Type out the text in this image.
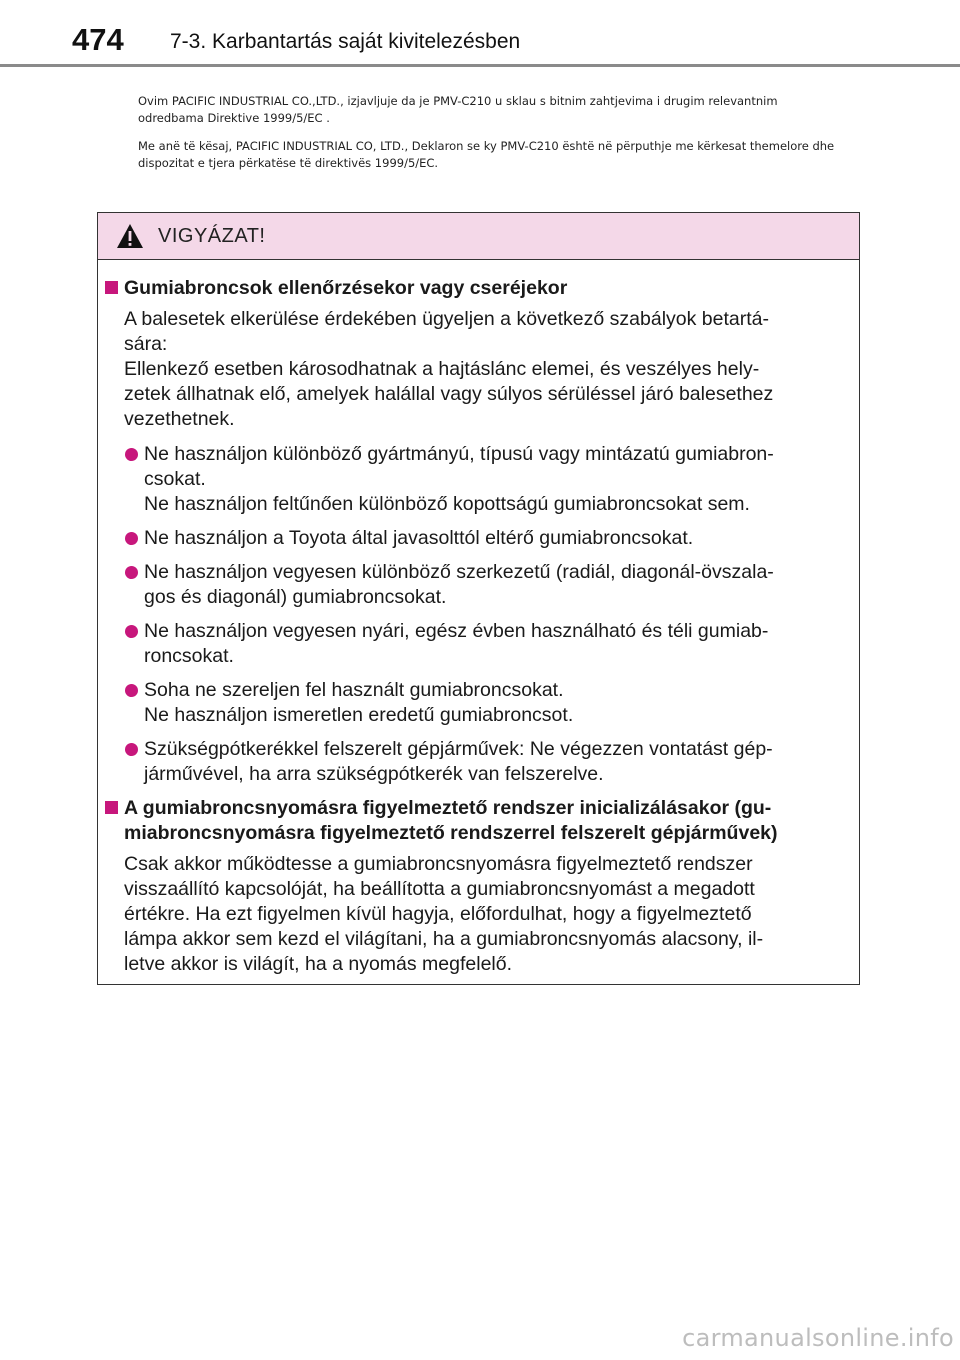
474 7-3. Karbantartás saját kivitelezésben

Ovim PACIFIC INDUSTRIAL CO.,LTD., izjavljuje da je PMV-C210 u sklau s bitnim zahtjevima i drugim relevantnim odredbama Direktive 1999/5/EC .

Me anë të kësaj, PACIFIC INDUSTRIAL CO, LTD., Deklaron se ky PMV-C210 është në përputhje me kërkesat themelore dhe dispozitat e tjera përkatëse të direktivës 1999/5/EC.

VIGYÁZAT!
Gumiabroncsok ellenőrzésekor vagy cseréjekor
A balesetek elkerülése érdekében ügyeljen a következő szabályok betartá-
sára:
Ellenkező esetben károsodhatnak a hajtáslánc elemei, és veszélyes hely-
zetek állhatnak elő, amelyek halállal vagy súlyos sérüléssel járó balesethez
vezethetnek.
Ne használjon különböző gyártmányú, típusú vagy mintázatú gumiabron-
csokat.
Ne használjon feltűnően különböző kopottságú gumiabroncsokat sem.
Ne használjon a Toyota által javasolttól eltérő gumiabroncsokat.
Ne használjon vegyesen különböző szerkezetű (radiál, diagonál-övszala-
gos és diagonál) gumiabroncsokat.
Ne használjon vegyesen nyári, egész évben használható és téli gumiab-
roncsokat.
Soha ne szereljen fel használt gumiabroncsokat.
Ne használjon ismeretlen eredetű gumiabroncsot.
Szükségpótkerékkel felszerelt gépjárművek: Ne végezzen vontatást gép-
járművével, ha arra szükségpótkerék van felszerelve.
A gumiabroncsnyomásra figyelmeztető rendszer inicializálásakor (gu-
miabroncsnyomásra figyelmeztető rendszerrel felszerelt gépjárművek)
Csak akkor működtesse a gumiabroncsnyomásra figyelmeztető rendszer
visszaállító kapcsolóját, ha beállította a gumiabroncsnyomást a megadott
értékre. Ha ezt figyelmen kívül hagyja, előfordulhat, hogy a figyelmeztető
lámpa akkor sem kezd el világítani, ha a gumiabroncsnyomás alacsony, il-
letve akkor is világít, ha a nyomás megfelelő.
carmanualsonline.info
